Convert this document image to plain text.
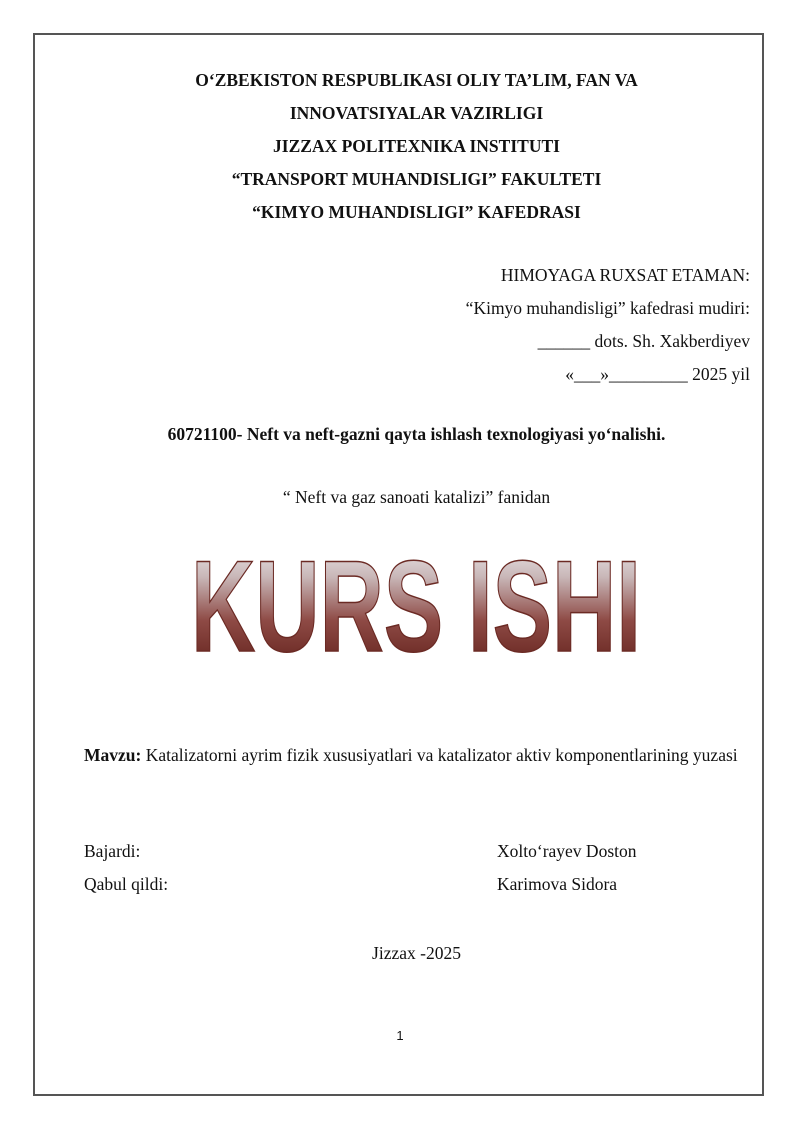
O‘ZBEKISTON RESPUBLIKASI OLIY TA’LIM, FAN VA
INNOVATSIYALAR VAZIRLIGI
JIZZAX POLITEXNIKA INSTITUTI
“TRANSPORT MUHANDISLIGI” FAKULTETI
“KIMYO MUHANDISLIGI” KAFEDRASI
HIMOYAGA RUXSAT ETAMAN:
“Kimyo muhandisligi” kafedrasi mudiri:
______ dots. Sh. Xakberdiyev
«___»_________ 2025 yil
60721100- Neft va neft-gazni qayta ishlash texnologiyasi yo‘nalishi.
“ Neft va gaz sanoati katalizi” fanidan
KURS ISHI
Mavzu: Katalizatorni ayrim fizik xususiyatlari va katalizator aktiv komponentlarining yuzasi
Bajardi:	Xolto‘rayev Doston
Qabul qildi:	Karimova Sidora
Jizzax -2025
1
